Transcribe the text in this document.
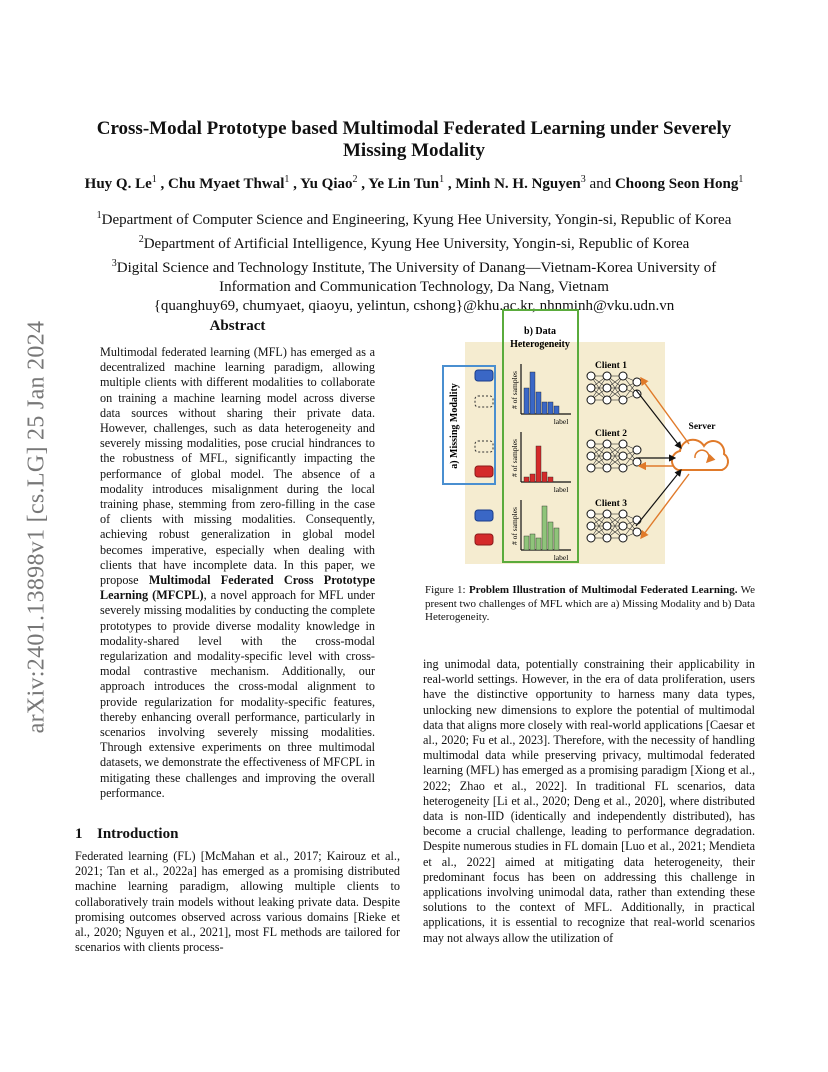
arXiv:2401.13898v1 [cs.LG] 25 Jan 2024
Cross-Modal Prototype based Multimodal Federated Learning under Severely Missing Modality
Huy Q. Le$^1$ , Chu Myaet Thwal$^1$ , Yu Qiao$^2$ , Ye Lin Tun$^1$ , Minh N. H. Nguyen$^3$ and Choong Seon Hong$^1$
$^1$Department of Computer Science and Engineering, Kyung Hee University, Yongin-si, Republic of Korea
$^2$Department of Artificial Intelligence, Kyung Hee University, Yongin-si, Republic of Korea
$^3$Digital Science and Technology Institute, The University of Danang—Vietnam-Korea University of
Information and Communication Technology, Da Nang, Vietnam
{quanghuy69, chumyaet, qiaoyu, yelintun, cshong}@khu.ac.kr, nhnminh@vku.udn.vn
Abstract
Multimodal federated learning (MFL) has emerged as a decentralized machine learning paradigm, allowing multiple clients with different modalities to collaborate on training a machine learning model across diverse data sources without sharing their private data. However, challenges, such as data heterogeneity and severely missing modalities, pose crucial hindrances to the robustness of MFL, significantly impacting the performance of global model. The absence of a modality introduces misalignment during the local training phase, stemming from zero-filling in the case of clients with missing modalities. Consequently, achieving robust generalization in global model becomes imperative, especially when dealing with clients that have incomplete data. In this paper, we propose Multimodal Federated Cross Prototype Learning (MFCPL), a novel approach for MFL under severely missing modalities by conducting the complete prototypes to provide diverse modality knowledge in modality-shared level with the cross-modal regularization and modality-specific level with cross-modal contrastive mechanism. Additionally, our approach introduces the cross-modal alignment to provide regularization for modality-specific features, thereby enhancing overall performance, particularly in scenarios involving severely missing modalities. Through extensive experiments on three multimodal datasets, we demonstrate the effectiveness of MFCPL in mitigating these challenges and improving the overall performance.
1 Introduction
Federated learning (FL) [McMahan et al., 2017; Kairouz et al., 2021; Tan et al., 2022a] has emerged as a promising distributed machine learning paradigm, allowing multiple clients to collaboratively train models without leaking private data. Despite promising outcomes observed across various domains [Rieke et al., 2020; Nguyen et al., 2021], most FL methods are tailored for scenarios with clients process-
b) Data
Heterogeneity
a) Missing Modality	# of samples
label
# of samples
label
# of samples
label
Client 1
Client 2
Client 3
Server
Figure 1: Problem Illustration of Multimodal Federated Learning. We present two challenges of MFL which are a) Missing Modality and b) Data Heterogeneity.
ing unimodal data, potentially constraining their applicability in real-world settings. However, in the era of data proliferation, users have the distinctive opportunity to harness many data types, unlocking new dimensions to explore the potential of multimodal data that aligns more closely with real-world applications [Caesar et al., 2020; Fu et al., 2023]. Therefore, with the necessity of handling multimodal data while preserving privacy, multimodal federated learning (MFL) has emerged as a promising paradigm [Xiong et al., 2022; Zhao et al., 2022]. In traditional FL scenarios, data heterogeneity [Li et al., 2020; Deng et al., 2020], where distributed data is non-IID (identically and independently distributed), has become a crucial challenge, leading to performance degradation. Despite numerous studies in FL domain [Luo et al., 2021; Mendieta et al., 2022] aimed at mitigating data heterogeneity, their predominant focus has been on addressing this challenge in applications involving unimodal data, rather than extending these solutions to the context of MFL. Additionally, in practical applications, it is essential to recognize that real-world scenarios may not always allow the utilization of
